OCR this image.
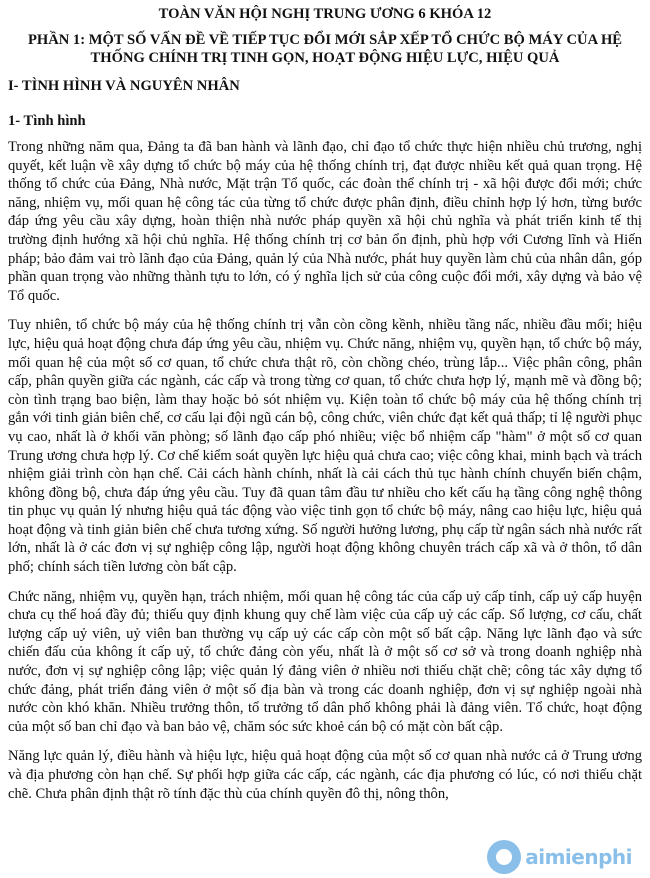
TOÀN VĂN HỘI NGHỊ TRUNG ƯƠNG 6 KHÓA 12
PHẦN 1: MỘT SỐ VẤN ĐỀ VỀ TIẾP TỤC ĐỔI MỚI SẮP XẾP TỔ CHỨC BỘ MÁY CỦA HỆ THỐNG CHÍNH TRỊ TINH GỌN, HOẠT ĐỘNG HIỆU LỰC, HIỆU QUẢ
I- TÌNH HÌNH VÀ NGUYÊN NHÂN
1- Tình hình

Trong những năm qua, Đảng ta đã ban hành và lãnh đạo, chỉ đạo tổ chức thực hiện nhiều chủ trương, nghị quyết, kết luận về xây dựng tổ chức bộ máy của hệ thống chính trị, đạt được nhiều kết quả quan trọng. Hệ thống tổ chức của Đảng, Nhà nước, Mặt trận Tổ quốc, các đoàn thể chính trị - xã hội được đổi mới; chức năng, nhiệm vụ, mối quan hệ công tác của từng tổ chức được phân định, điều chỉnh hợp lý hơn, từng bước đáp ứng yêu cầu xây dựng, hoàn thiện nhà nước pháp quyền xã hội chủ nghĩa và phát triển kinh tế thị trường định hướng xã hội chủ nghĩa. Hệ thống chính trị cơ bản ổn định, phù hợp với Cương lĩnh và Hiến pháp; bảo đảm vai trò lãnh đạo của Đảng, quản lý của Nhà nước, phát huy quyền làm chủ của nhân dân, góp phần quan trọng vào những thành tựu to lớn, có ý nghĩa lịch sử của công cuộc đổi mới, xây dựng và bảo vệ Tổ quốc.

Tuy nhiên, tổ chức bộ máy của hệ thống chính trị vẫn còn cồng kềnh, nhiều tầng nấc, nhiều đầu mối; hiệu lực, hiệu quả hoạt động chưa đáp ứng yêu cầu, nhiệm vụ. Chức năng, nhiệm vụ, quyền hạn, tổ chức bộ máy, mối quan hệ của một số cơ quan, tổ chức chưa thật rõ, còn chồng chéo, trùng lắp... Việc phân công, phân cấp, phân quyền giữa các ngành, các cấp và trong từng cơ quan, tổ chức chưa hợp lý, mạnh mẽ và đồng bộ; còn tình trạng bao biện, làm thay hoặc bỏ sót nhiệm vụ. Kiện toàn tổ chức bộ máy của hệ thống chính trị gắn với tinh giản biên chế, cơ cấu lại đội ngũ cán bộ, công chức, viên chức đạt kết quả thấp; tỉ lệ người phục vụ cao, nhất là ở khối văn phòng; số lãnh đạo cấp phó nhiều; việc bổ nhiệm cấp "hàm" ở một số cơ quan Trung ương chưa hợp lý. Cơ chế kiểm soát quyền lực hiệu quả chưa cao; việc công khai, minh bạch và trách nhiệm giải trình còn hạn chế. Cải cách hành chính, nhất là cải cách thủ tục hành chính chuyển biến chậm, không đồng bộ, chưa đáp ứng yêu cầu. Tuy đã quan tâm đầu tư nhiều cho kết cấu hạ tầng công nghệ thông tin phục vụ quản lý nhưng hiệu quả tác động vào việc tinh gọn tổ chức bộ máy, nâng cao hiệu lực, hiệu quả hoạt động và tinh giản biên chế chưa tương xứng. Số người hưởng lương, phụ cấp từ ngân sách nhà nước rất lớn, nhất là ở các đơn vị sự nghiệp công lập, người hoạt động không chuyên trách cấp xã và ở thôn, tổ dân phố; chính sách tiền lương còn bất cập.

Chức năng, nhiệm vụ, quyền hạn, trách nhiệm, mối quan hệ công tác của cấp uỷ cấp tỉnh, cấp uỷ cấp huyện chưa cụ thể hoá đầy đủ; thiếu quy định khung quy chế làm việc của cấp uỷ các cấp. Số lượng, cơ cấu, chất lượng cấp uỷ viên, uỷ viên ban thường vụ cấp uỷ các cấp còn một số bất cập. Năng lực lãnh đạo và sức chiến đấu của không ít cấp uỷ, tổ chức đảng còn yếu, nhất là ở một số cơ sở và trong doanh nghiệp nhà nước, đơn vị sự nghiệp công lập; việc quản lý đảng viên ở nhiều nơi thiếu chặt chẽ; công tác xây dựng tổ chức đảng, phát triển đảng viên ở một số địa bàn và trong các doanh nghiệp, đơn vị sự nghiệp ngoài nhà nước còn khó khăn. Nhiều trưởng thôn, tổ trưởng tổ dân phố không phải là đảng viên. Tổ chức, hoạt động của một số ban chỉ đạo và ban bảo vệ, chăm sóc sức khoẻ cán bộ có mặt còn bất cập.

Năng lực quản lý, điều hành và hiệu lực, hiệu quả hoạt động của một số cơ quan nhà nước cả ở Trung ương và địa phương còn hạn chế. Sự phối hợp giữa các cấp, các ngành, các địa phương có lúc, có nơi thiếu chặt chẽ. Chưa phân định thật rõ tính đặc thù của chính quyền đô thị, nông thôn,

aimienphi
